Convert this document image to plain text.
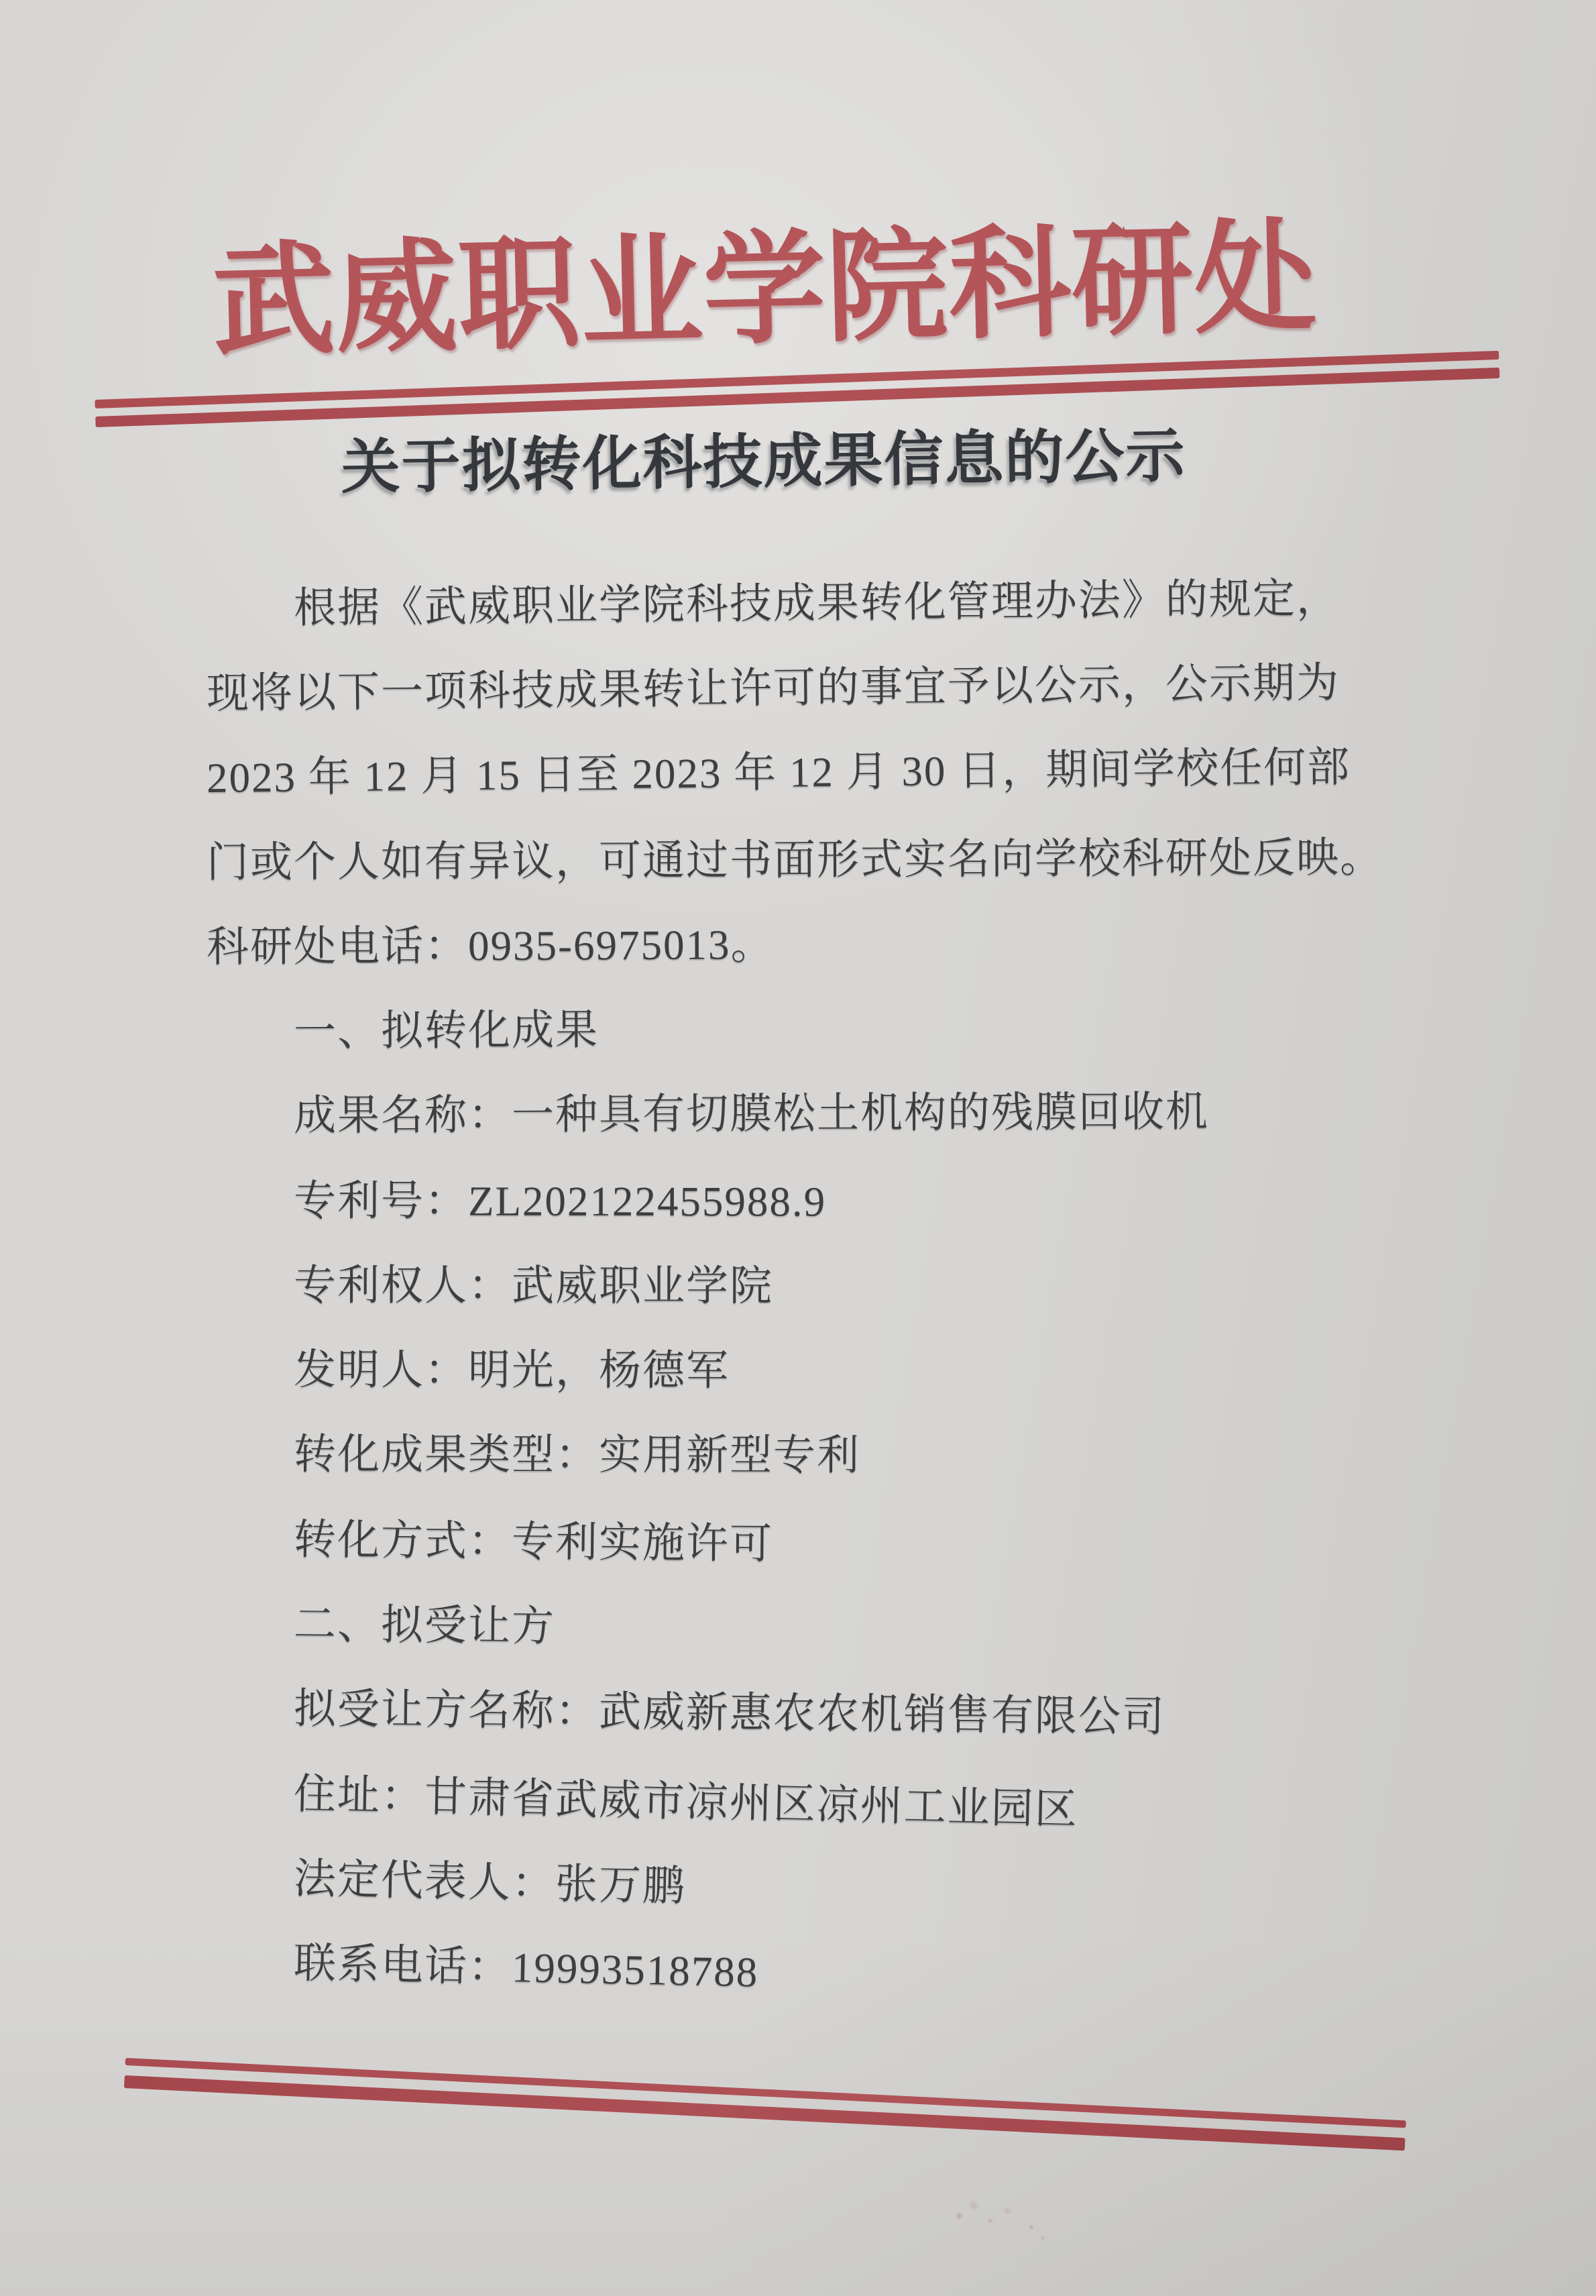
武威职业学院科研处
关于拟转化科技成果信息的公示
根据《武威职业学院科技成果转化管理办法》的规定，
现将以下一项科技成果转让许可的事宜予以公示，公示期为
2023 年 12 月 15 日至 2023 年 12 月 30 日，期间学校任何部
门或个人如有异议，可通过书面形式实名向学校科研处反映。
科研处电话：0935-6975013。
一、拟转化成果
成果名称：一种具有切膜松土机构的残膜回收机
专利号：ZL202122455988.9
专利权人：武威职业学院
发明人：明光，杨德军
转化成果类型：实用新型专利
转化方式：专利实施许可
二、拟受让方
拟受让方名称：武威新惠农农机销售有限公司
住址：甘肃省武威市凉州区凉州工业园区
法定代表人：张万鹏
联系电话：19993518788
